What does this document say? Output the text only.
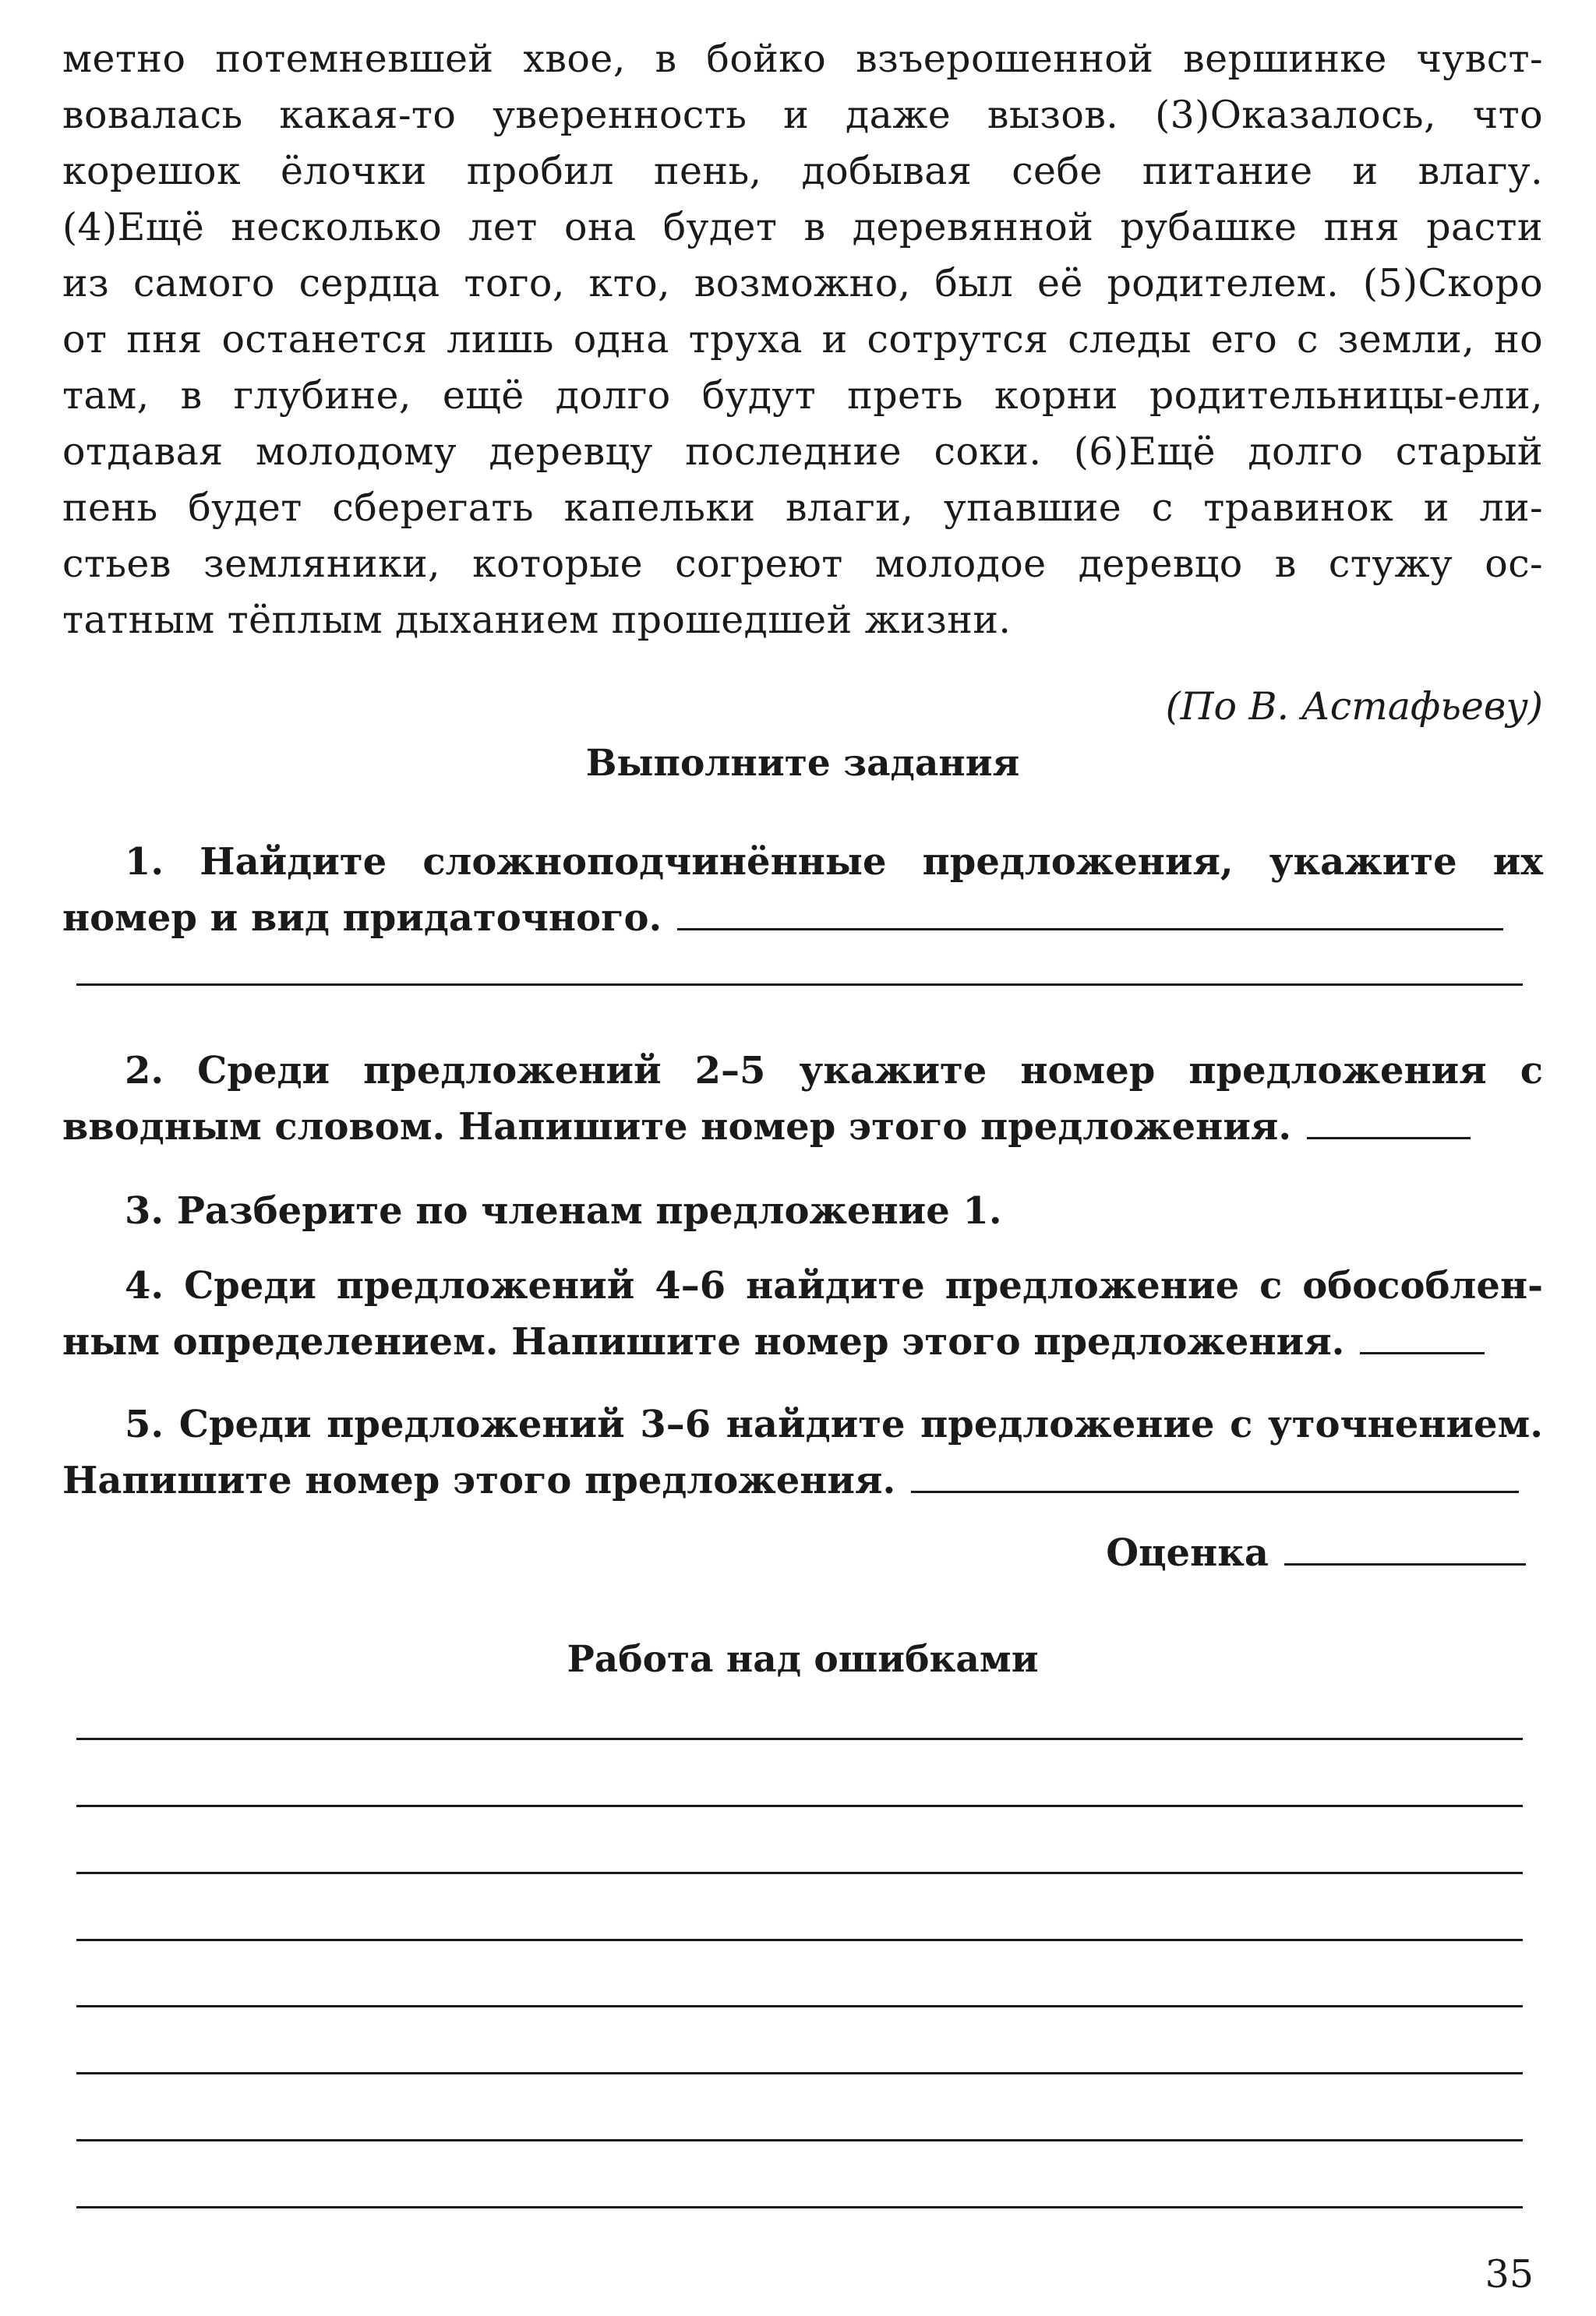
метно потемневшей хвое, в бойко взъерошенной вершинке чувст-
вовалась какая-то уверенность и даже вызов. (3)Оказалось, что
корешок ёлочки пробил пень, добывая себе питание и влагу.
(4)Ещё несколько лет она будет в деревянной рубашке пня расти
из самого сердца того, кто, возможно, был её родителем. (5)Скоро
от пня останется лишь одна труха и сотрутся следы его с земли, но
там, в глубине, ещё долго будут преть корни родительницы-ели,
отдавая молодому деревцу последние соки. (6)Ещё долго старый
пень будет сберегать капельки влаги, упавшие с травинок и ли-
стьев земляники, которые согреют молодое деревцо в стужу ос-
татным тёплым дыханием прошедшей жизни.
(По В. Астафьеву)
Выполните задания
1. Найдите сложноподчинённые предложения, укажите их
номер и вид придаточного.
2. Среди предложений 2–5 укажите номер предложения с
вводным словом. Напишите номер этого предложения.
3. Разберите по членам предложение 1.
4. Среди предложений 4–6 найдите предложение с обособлен-
ным определением. Напишите номер этого предложения.
5. Среди предложений 3–6 найдите предложение с уточнением.
Напишите номер этого предложения.
Оценка
Работа над ошибками
35
